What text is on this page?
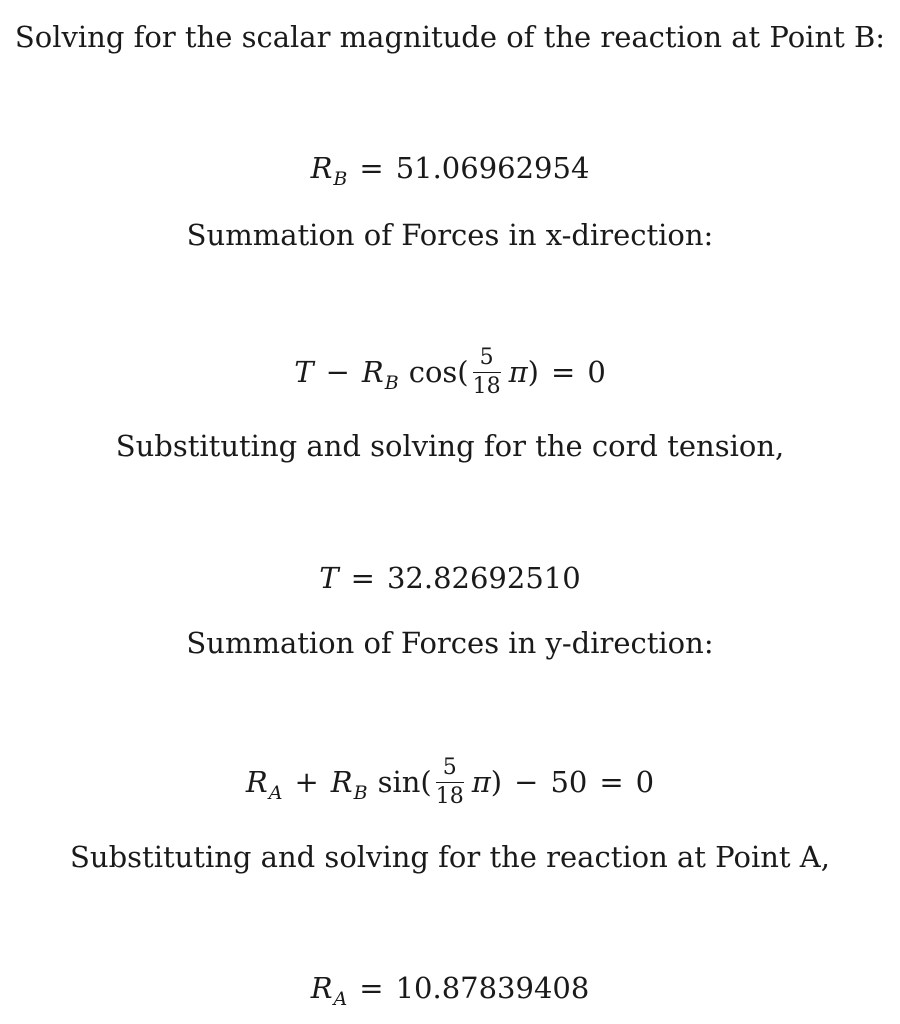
Solving for the scalar magnitude of the reaction at Point B:
$R_B = 51.06962954$
Summation of Forces in x-direction:
$T - R_B$ $\cos( \frac{5}{18} \pi) = 0$
Substituting and solving for the cord tension,
T = 32.82692510
Summation of Forces in y-direction:
$R_A + R_B$ $\sin( \frac{5}{18} \pi) - 50 = 0$
Substituting and solving for the reaction at Point A,
$R_A = 10.87839408$
